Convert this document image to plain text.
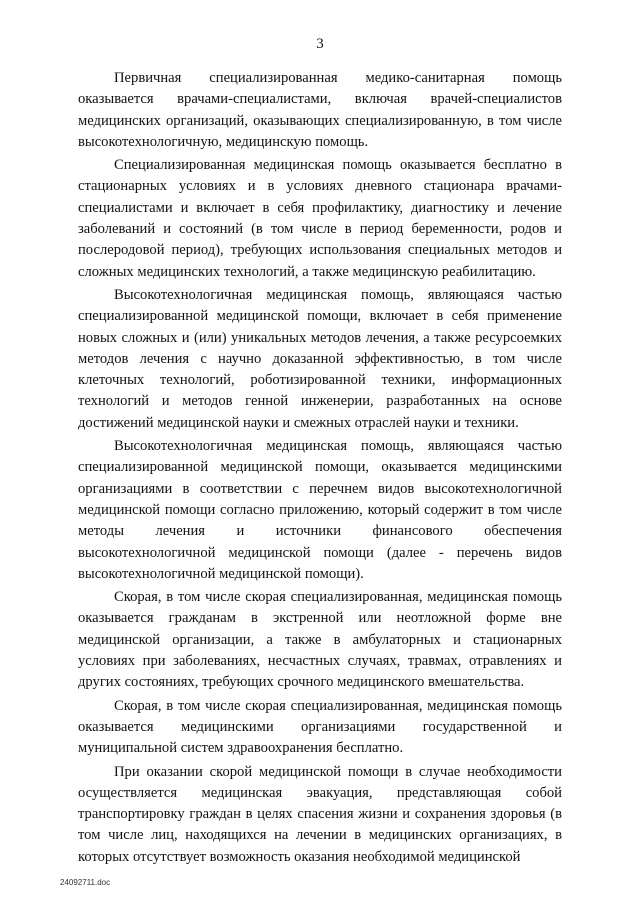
3

Первичная специализированная медико-санитарная помощь оказывается врачами-специалистами, включая врачей-специалистов медицинских организаций, оказывающих специализированную, в том числе высокотехнологичную, медицинскую помощь.

Специализированная медицинская помощь оказывается бесплатно в стационарных условиях и в условиях дневного стационара врачами-специалистами и включает в себя профилактику, диагностику и лечение заболеваний и состояний (в том числе в период беременности, родов и послеродовой период), требующих использования специальных методов и сложных медицинских технологий, а также медицинскую реабилитацию.

Высокотехнологичная медицинская помощь, являющаяся частью специализированной медицинской помощи, включает в себя применение новых сложных и (или) уникальных методов лечения, а также ресурсоемких методов лечения с научно доказанной эффективностью, в том числе клеточных технологий, роботизированной техники, информационных технологий и методов генной инженерии, разработанных на основе достижений медицинской науки и смежных отраслей науки и техники.

Высокотехнологичная медицинская помощь, являющаяся частью специализированной медицинской помощи, оказывается медицинскими организациями в соответствии с перечнем видов высокотехнологичной медицинской помощи согласно приложению, который содержит в том числе методы лечения и источники финансового обеспечения высокотехнологичной медицинской помощи (далее - перечень видов высокотехнологичной медицинской помощи).

Скорая, в том числе скорая специализированная, медицинская помощь оказывается гражданам в экстренной или неотложной форме вне медицинской организации, а также в амбулаторных и стационарных условиях при заболеваниях, несчастных случаях, травмах, отравлениях и других состояниях, требующих срочного медицинского вмешательства.

Скорая, в том числе скорая специализированная, медицинская помощь оказывается медицинскими организациями государственной и муниципальной систем здравоохранения бесплатно.

При оказании скорой медицинской помощи в случае необходимости осуществляется медицинская эвакуация, представляющая собой транспортировку граждан в целях спасения жизни и сохранения здоровья (в том числе лиц, находящихся на лечении в медицинских организациях, в которых отсутствует возможность оказания необходимой медицинской

24092711.doc
